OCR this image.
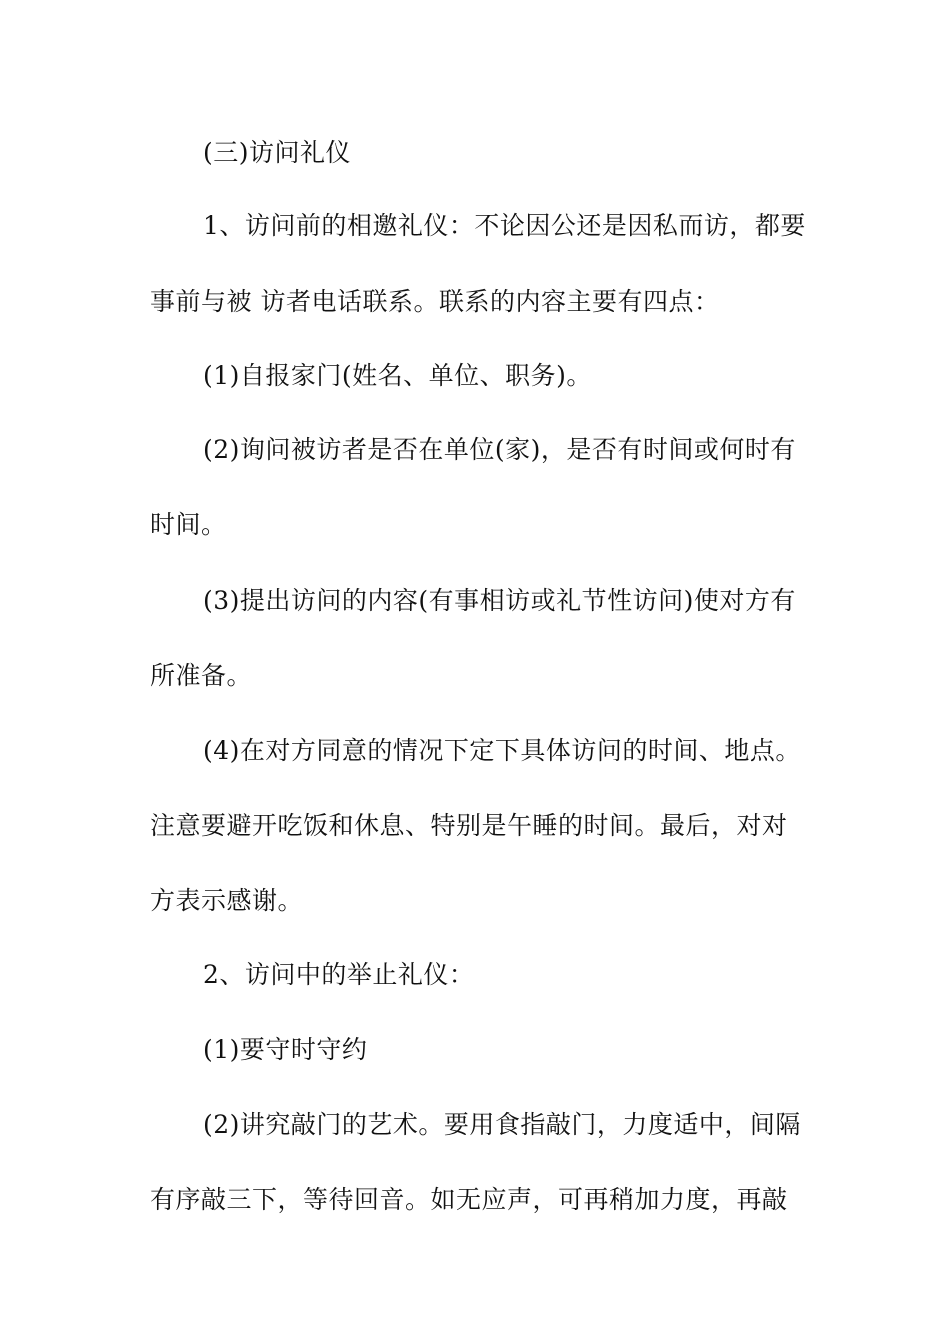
(三)访问礼仪
1、访问前的相邀礼仪：不论因公还是因私而访，都要
事前与被 访者电话联系。联系的内容主要有四点：
(1)自报家门(姓名、单位、职务)。
(2)询问被访者是否在单位(家)，是否有时间或何时有
时间。
(3)提出访问的内容(有事相访或礼节性访问)使对方有
所准备。
(4)在对方同意的情况下定下具体访问的时间、地点。
注意要避开吃饭和休息、特别是午睡的时间。最后，对对
方表示感谢。
2、访问中的举止礼仪：
(1)要守时守约
(2)讲究敲门的艺术。要用食指敲门，力度适中，间隔
有序敲三下，等待回音。如无应声，可再稍加力度，再敲
